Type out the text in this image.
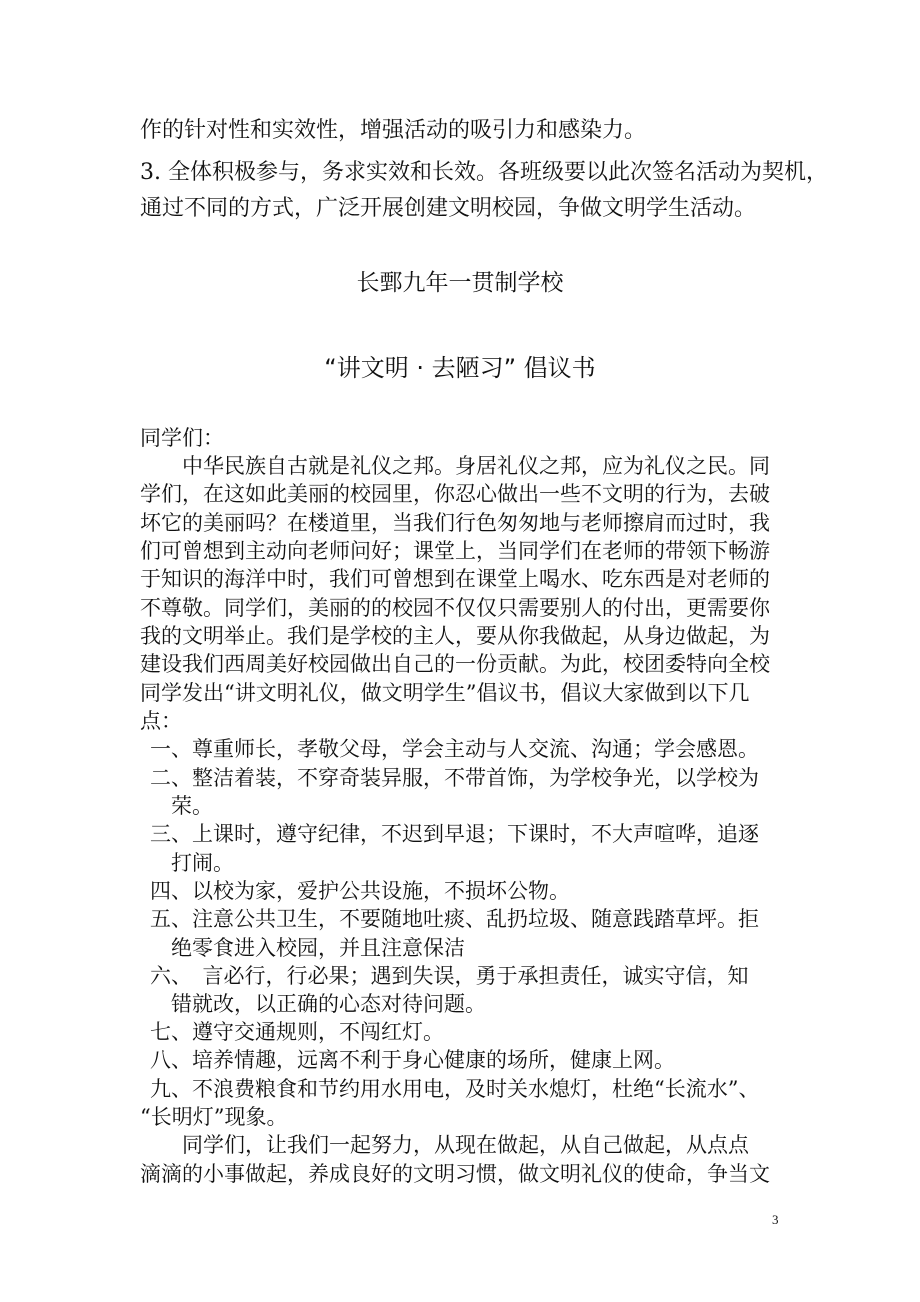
作的针对性和实效性，增强活动的吸引力和感染力。
3. 全体积极参与，务求实效和长效。各班级要以此次签名活动为契机，
通过不同的方式，广泛开展创建文明校园，争做文明学生活动。
长鄄九年一贯制学校
“讲文明 · 去陋习” 倡议书
同学们：
　　中华民族自古就是礼仪之邦。身居礼仪之邦，应为礼仪之民。同
学们，在这如此美丽的校园里，你忍心做出一些不文明的行为，去破
坏它的美丽吗？在楼道里，当我们行色匆匆地与老师擦肩而过时，我
们可曾想到主动向老师问好；课堂上，当同学们在老师的带领下畅游
于知识的海洋中时，我们可曾想到在课堂上喝水、吃东西是对老师的
不尊敬。同学们，美丽的的校园不仅仅只需要别人的付出，更需要你
我的文明举止。我们是学校的主人，要从你我做起，从身边做起，为
建设我们西周美好校园做出自己的一份贡献。为此，校团委特向全校
同学发出“讲文明礼仪，做文明学生”倡议书，倡议大家做到以下几
点：
一、尊重师长，孝敬父母，学会主动与人交流、沟通；学会感恩。
二、整洁着装，不穿奇装异服，不带首饰，为学校争光，以学校为
　荣。
三、上课时，遵守纪律，不迟到早退；下课时，不大声喧哗，追逐
　打闹。
四、以校为家，爱护公共设施，不损坏公物。
五、注意公共卫生，不要随地吐痰、乱扔垃圾、随意践踏草坪。拒
　绝零食进入校园，并且注意保洁
六、　言必行，行必果；遇到失误，勇于承担责任，诚实守信，知
　错就改，以正确的心态对待问题。
七、遵守交通规则，不闯红灯。
八、培养情趣，远离不利于身心健康的场所，健康上网。
九、不浪费粮食和节约用水用电，及时关水熄灯，杜绝“长流水”、
“长明灯”现象。
　　同学们，让我们一起努力，从现在做起，从自己做起，从点点
滴滴的小事做起，养成良好的文明习惯，做文明礼仪的使命，争当文
3
